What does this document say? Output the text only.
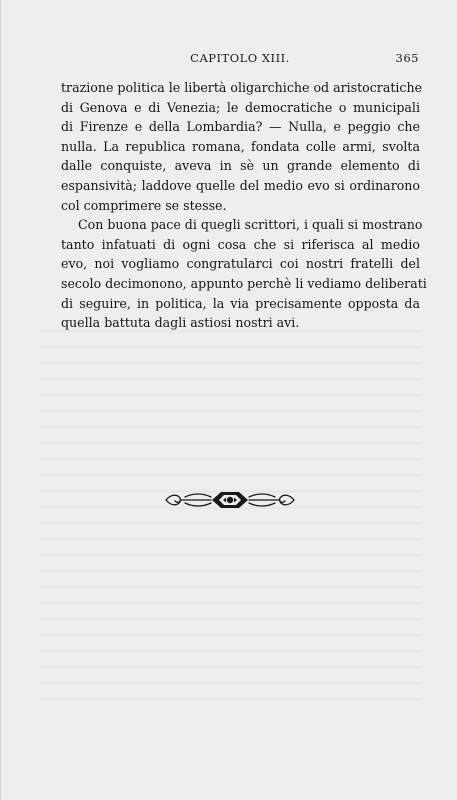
CAPITOLO XIII.	365
trazione politica le libertà oligarchiche od aristocratiche
di Genova e di Venezia; le democratiche o municipali
di Firenze e della Lombardia? — Nulla, e peggio che
nulla. La republica romana, fondata colle armi, svolta
dalle conquiste, aveva in sè un grande elemento di
espansività; laddove quelle del medio evo si ordinarono
col comprimere se stesse.
Con buona pace di quegli scrittori, i quali si mostrano
tanto infatuati di ogni cosa che si riferisca al medio
evo, noi vogliamo congratularci coi nostri fratelli del
secolo decimonono, appunto perchè li vediamo deliberati
di seguire, in politica, la via precisamente opposta da
quella battuta dagli astiosi nostri avi.
